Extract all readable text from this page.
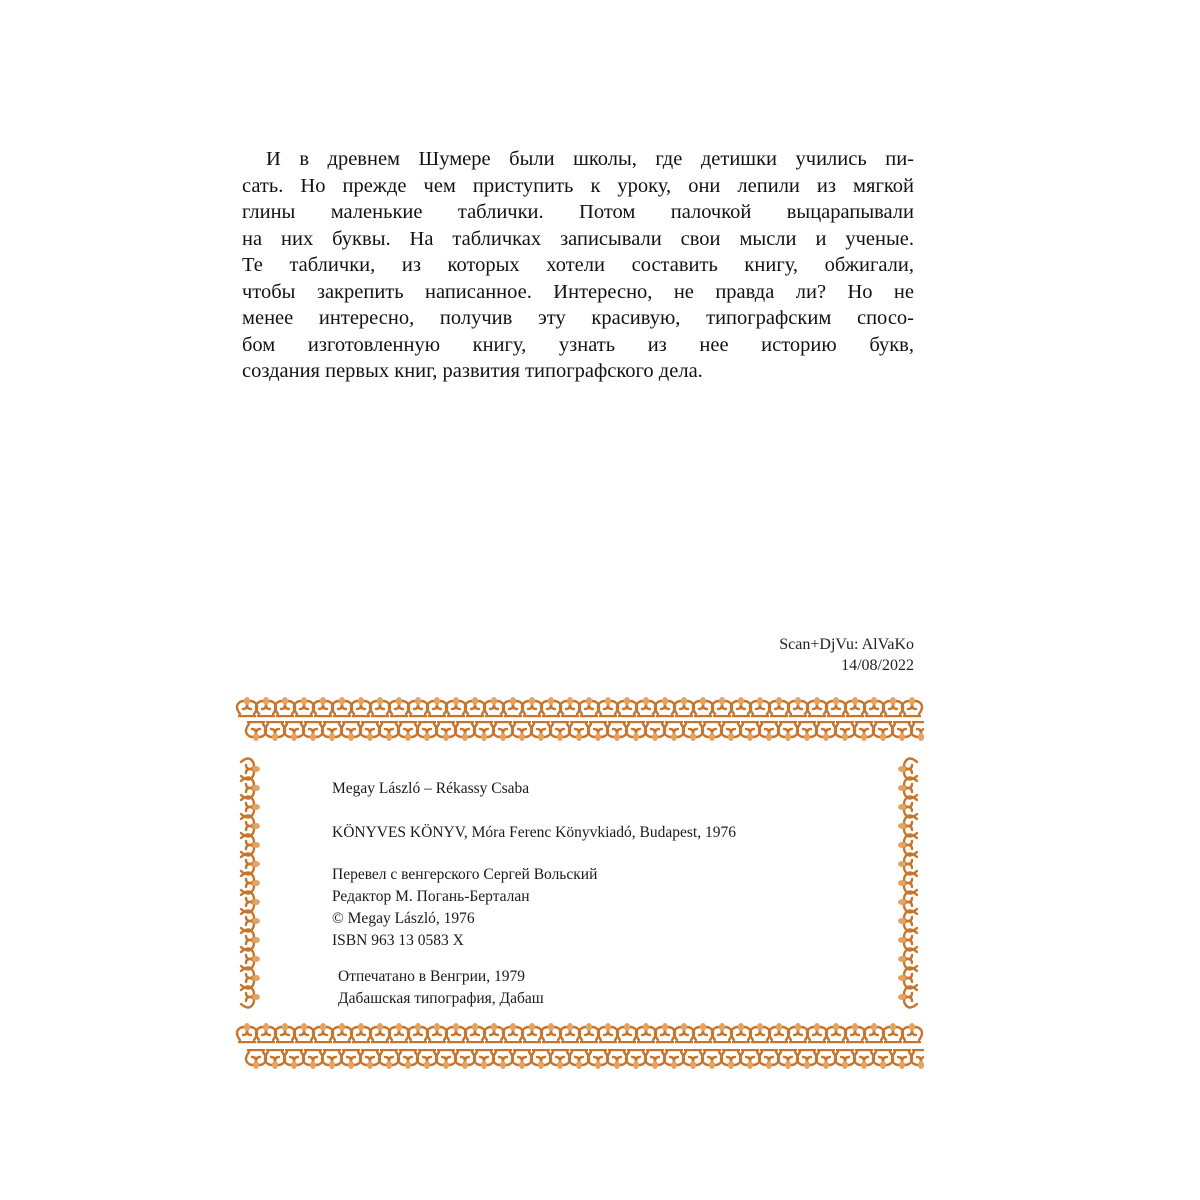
И в древнем Шумере были школы, где детишки учились пи-
сать. Но прежде чем приступить к уроку, они лепили из мягкой
глины маленькие таблички. Потом палочкой выцарапывали
на них буквы. На табличках записывали свои мысли и ученые.
Те таблички, из которых хотели составить книгу, обжигали,
чтобы закрепить написанное. Интересно, не правда ли? Но не
менее интересно, получив эту красивую, типографским спосо-
бом изготовленную книгу, узнать из нее историю букв,
создания первых книг, развития типографского дела.
Scan+DjVu: AlVaKo
14/08/2022
Megay László – Rékassy Csaba
KÖNYVES KÖNYV, Móra Ferenc Könyvkiadó, Budapest, 1976
Перевел с венгерского Сергей Вольский
Редактор М. Погань-Берталан
© Megay László, 1976
ISBN 963 13 0583 X
Отпечатано в Венгрии, 1979
Дабашская типография, Дабаш
